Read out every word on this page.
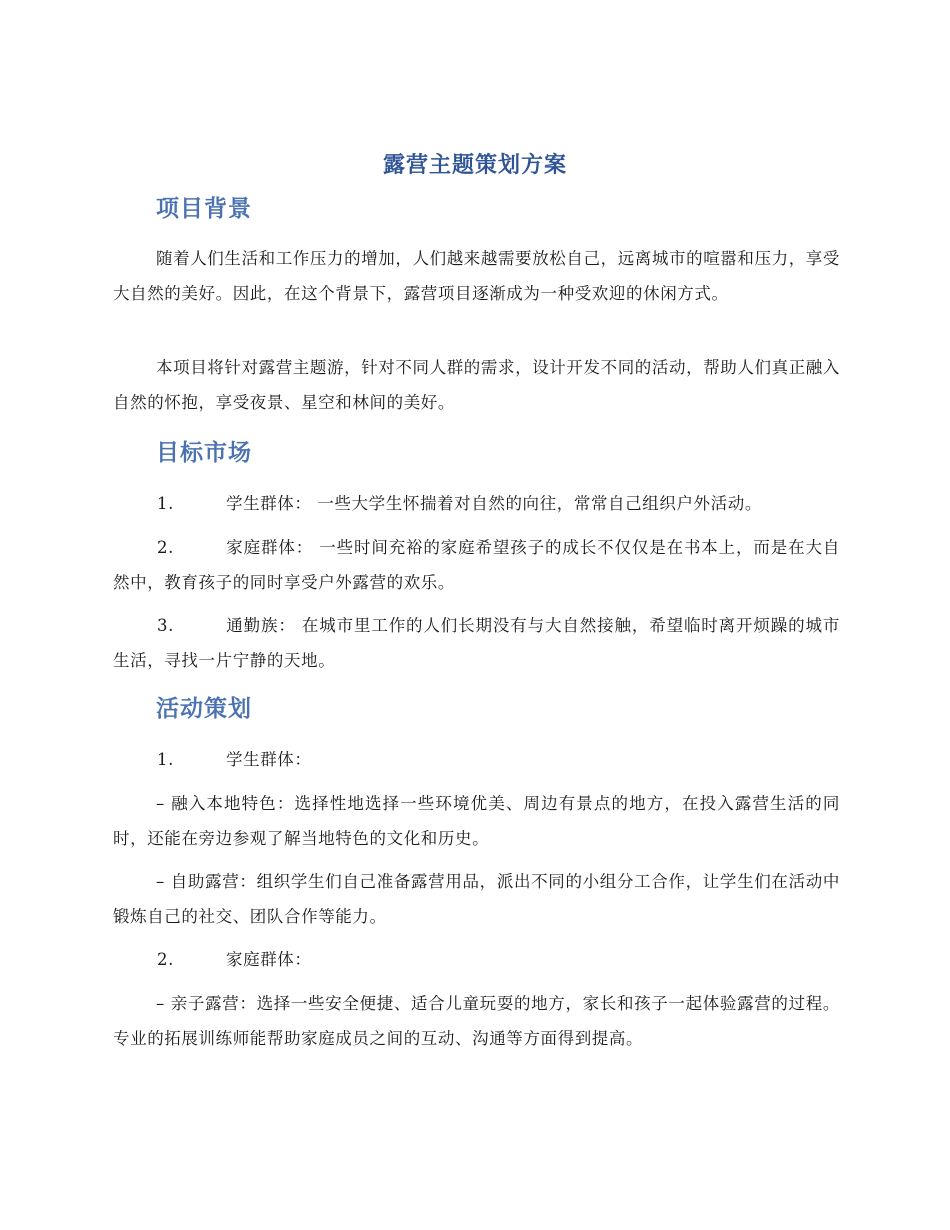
露营主题策划方案
项目背景
随着人们生活和工作压力的增加，人们越来越需要放松自己，远离城市的喧嚣和压力，享受大自然的美好。因此，在这个背景下，露营项目逐渐成为一种受欢迎的休闲方式。
本项目将针对露营主题游，针对不同人群的需求，设计开发不同的活动，帮助人们真正融入自然的怀抱，享受夜景、星空和林间的美好。
目标市场
1.	学生群体： 一些大学生怀揣着对自然的向往，常常自己组织户外活动。
2.	家庭群体： 一些时间充裕的家庭希望孩子的成长不仅仅是在书本上，而是在大自然中，教育孩子的同时享受户外露营的欢乐。
3.	通勤族： 在城市里工作的人们长期没有与大自然接触，希望临时离开烦躁的城市生活，寻找一片宁静的天地。
活动策划
1.	学生群体：
– 融入本地特色：选择性地选择一些环境优美、周边有景点的地方，在投入露营生活的同时，还能在旁边参观了解当地特色的文化和历史。
– 自助露营：组织学生们自己准备露营用品，派出不同的小组分工合作，让学生们在活动中锻炼自己的社交、团队合作等能力。
2.	家庭群体：
– 亲子露营：选择一些安全便捷、适合儿童玩耍的地方，家长和孩子一起体验露营的过程。专业的拓展训练师能帮助家庭成员之间的互动、沟通等方面得到提高。
